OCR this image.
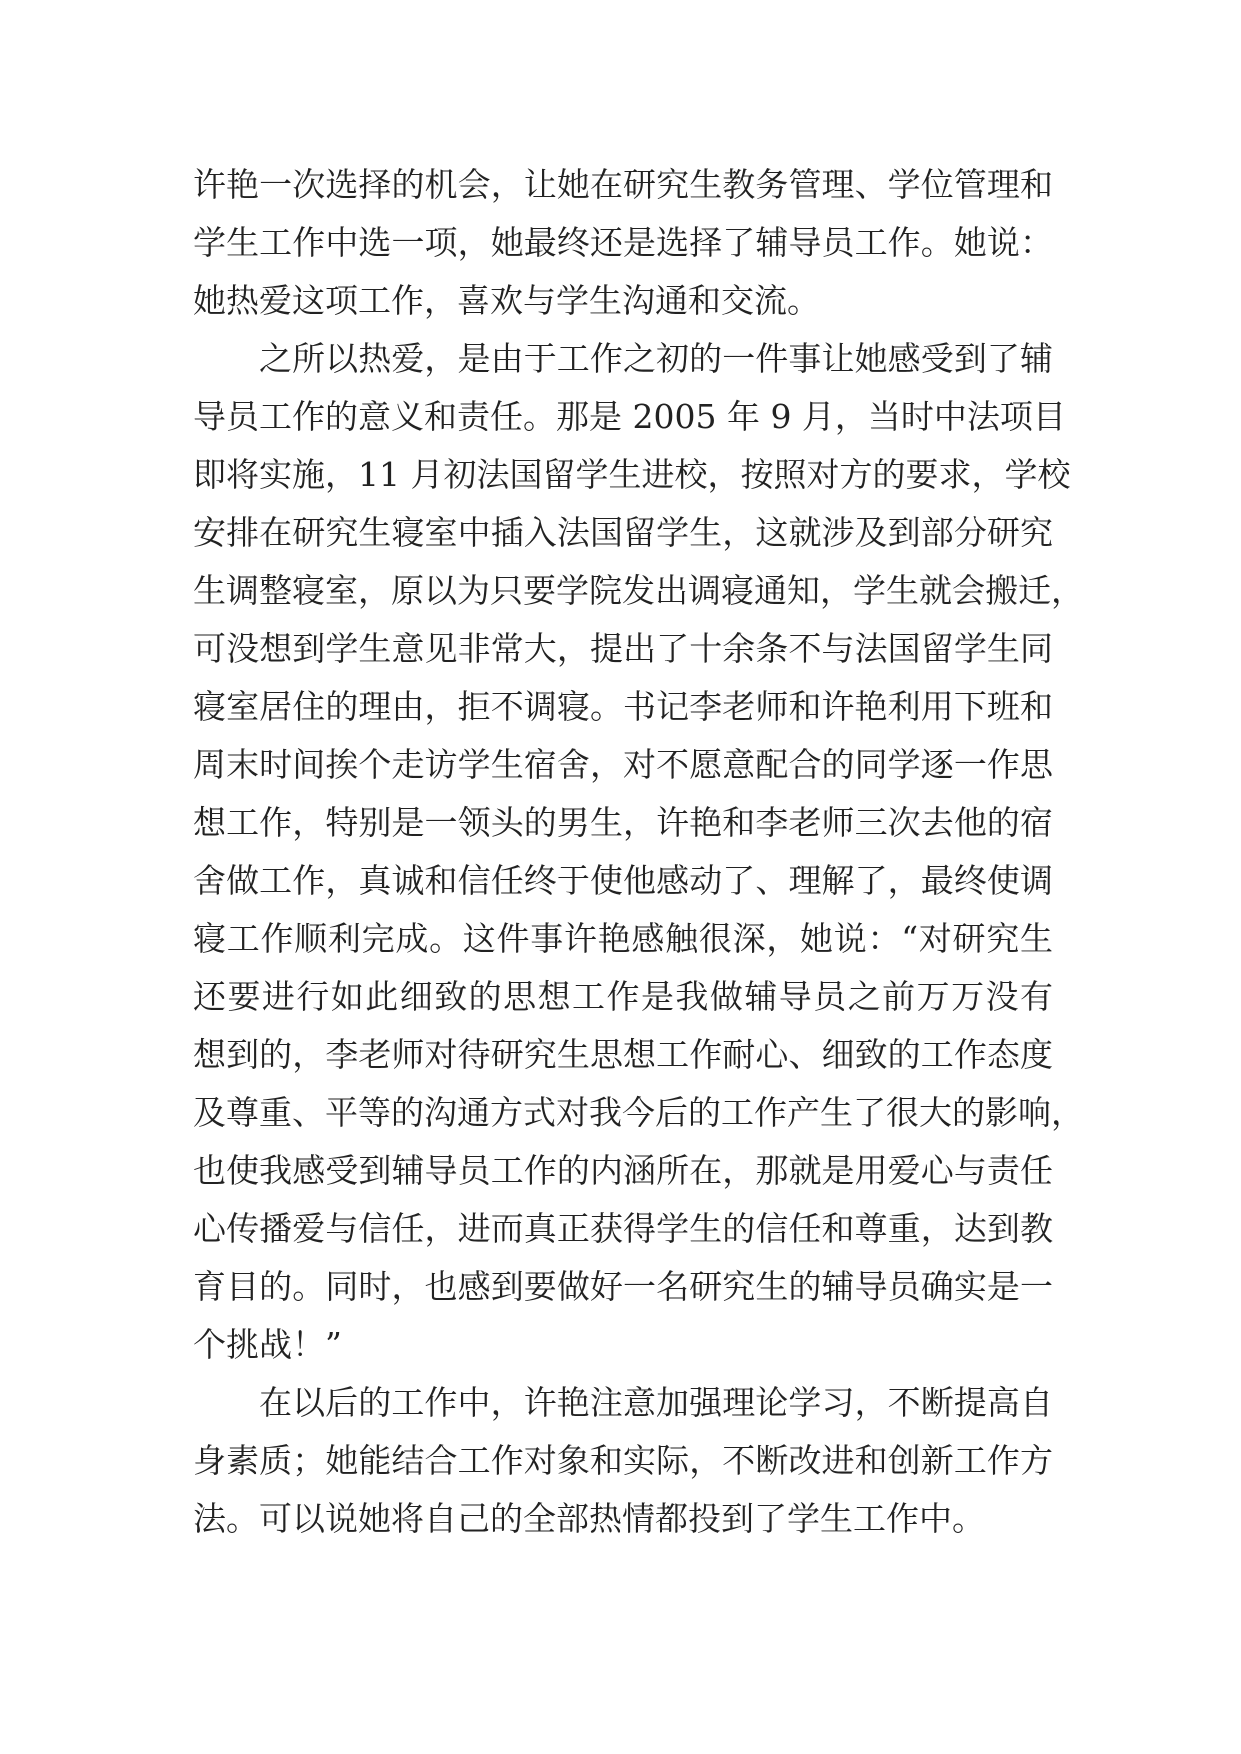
许艳一次选择的机会，让她在研究生教务管理、学位管理和
学生工作中选一项，她最终还是选择了辅导员工作。她说：
她热爱这项工作，喜欢与学生沟通和交流。
之所以热爱，是由于工作之初的一件事让她感受到了辅
导员工作的意义和责任。那是 2005 年 9 月，当时中法项目
即将实施，11 月初法国留学生进校，按照对方的要求，学校
安排在研究生寝室中插入法国留学生，这就涉及到部分研究
生调整寝室，原以为只要学院发出调寝通知，学生就会搬迁，
可没想到学生意见非常大，提出了十余条不与法国留学生同
寝室居住的理由，拒不调寝。书记李老师和许艳利用下班和
周末时间挨个走访学生宿舍，对不愿意配合的同学逐一作思
想工作，特别是一领头的男生，许艳和李老师三次去他的宿
舍做工作，真诚和信任终于使他感动了、理解了，最终使调
寝工作顺利完成。这件事许艳感触很深，她说：“对研究生
还要进行如此细致的思想工作是我做辅导员之前万万没有
想到的，李老师对待研究生思想工作耐心、细致的工作态度
及尊重、平等的沟通方式对我今后的工作产生了很大的影响，
也使我感受到辅导员工作的内涵所在，那就是用爱心与责任
心传播爱与信任，进而真正获得学生的信任和尊重，达到教
育目的。同时，也感到要做好一名研究生的辅导员确实是一
个挑战！”
在以后的工作中，许艳注意加强理论学习，不断提高自
身素质；她能结合工作对象和实际，不断改进和创新工作方
法。可以说她将自己的全部热情都投到了学生工作中。
